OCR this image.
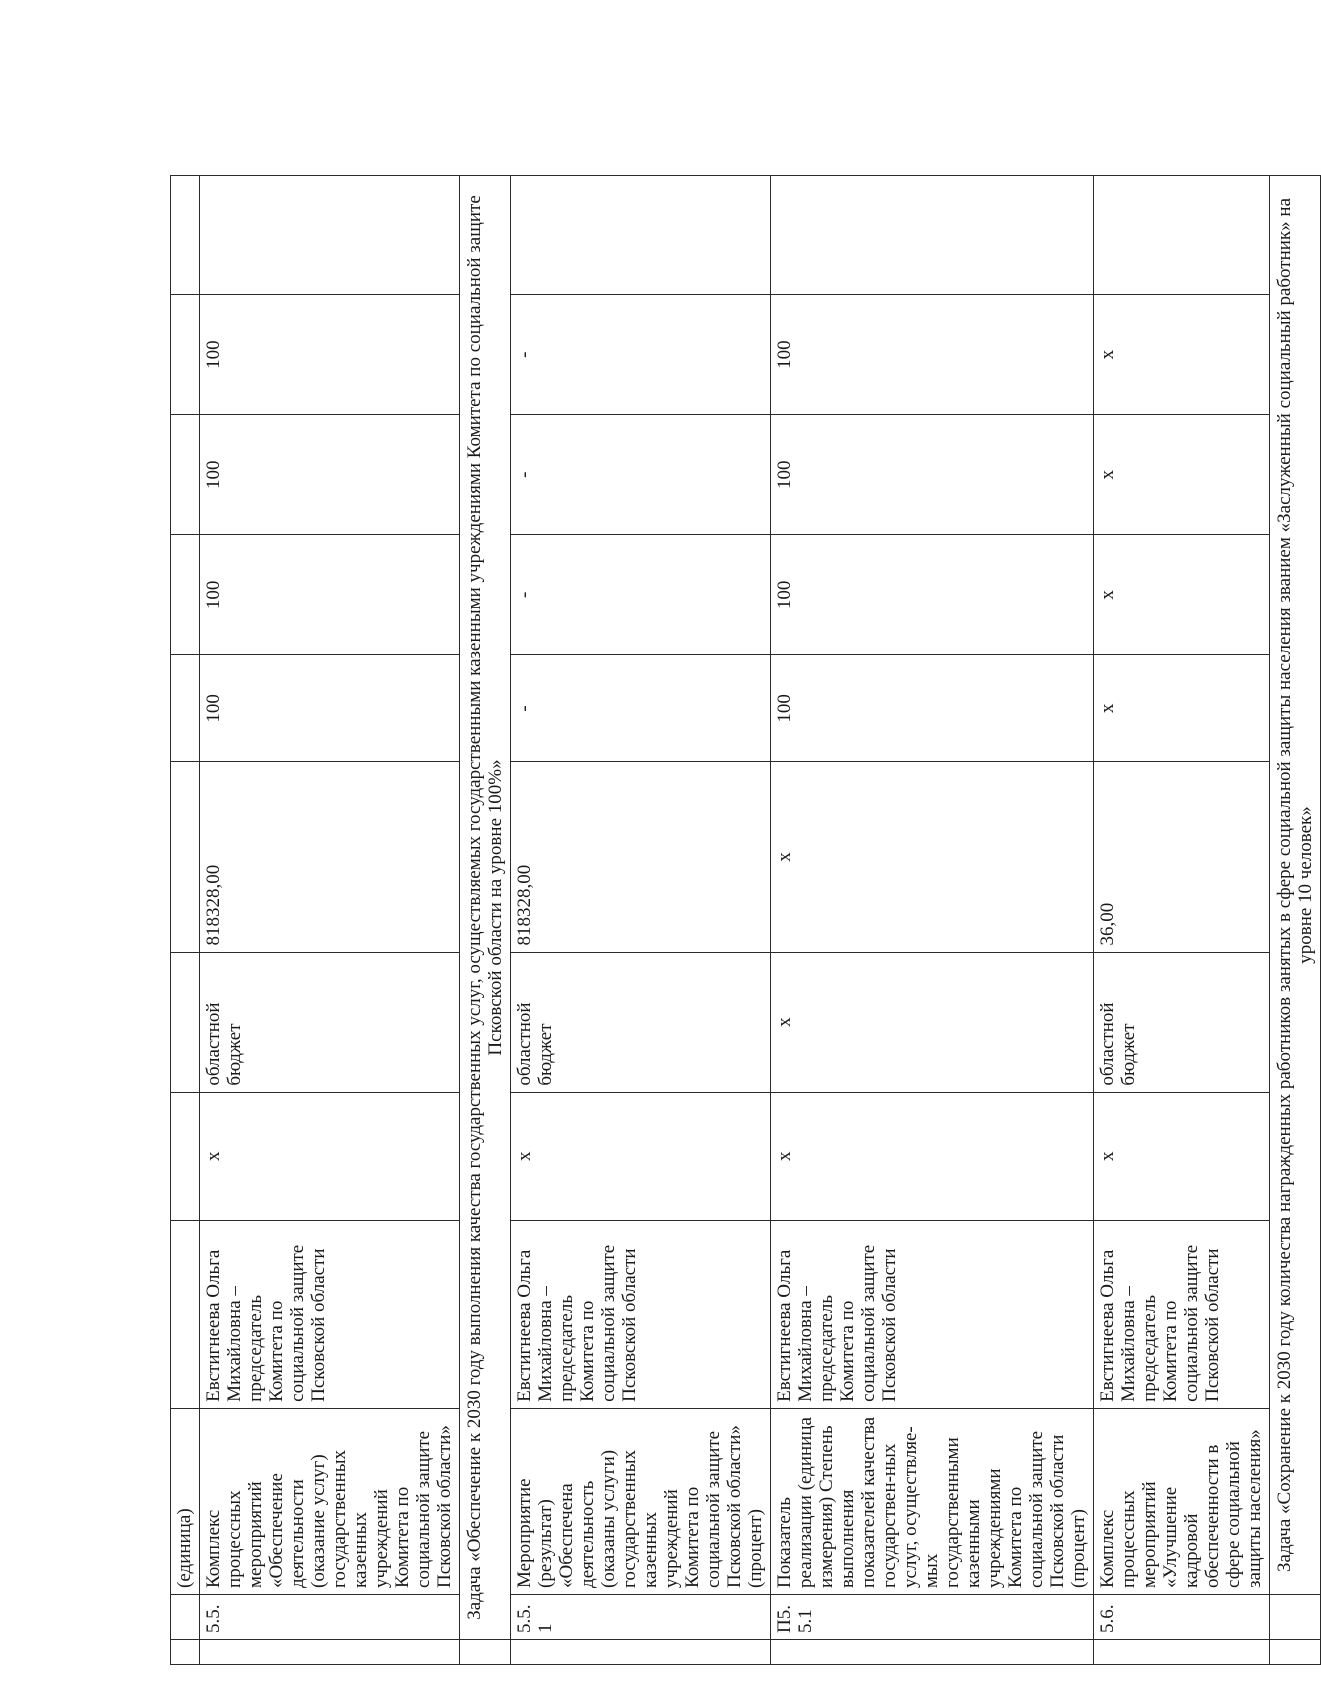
		(единица)									
	5.5.	Комплекс процессных мероприятий «Обеспечение деятельности (оказание услуг) государственных казенных учреждений Комитета по социальной защите Псковской области»	Евстигнеева Ольга Михайловна – председатель Комитета по социальной защите Псковской области	х	областной бюджет	818328,00	100	100	100	100	
	Задача «Обеспечение к 2030 году выполнения качества государственных услуг, осуществляемых государственными казенными учреждениями Комитета по социальной защите Псковской области на уровне 100%»										
	5.5.1	Мероприятие (результат) «Обеспечена деятельность (оказаны услуги) государственных казенных учреждений Комитета по социальной защите Псковской области» (процент)	Евстигнеева Ольга Михайловна – председатель Комитета по социальной защите Псковской области	х	областной бюджет	818328,00	-	-	-	-	
	П5.5.1	Показатель реализации (единица измерения) Степень выполнения показателей качества государствен-ных услуг, осуществляе-мых государственными казенными учреждениями Комитета по социальной защите Псковской области (процент)	Евстигнеева Ольга Михайловна – председатель Комитета по социальной защите Псковской области	х	х	х	100	100	100	100	
	5.6.	Комплекс процессных мероприятий «Улучшение кадровой обеспеченности в сфере социальной защиты населения»	Евстигнеева Ольга Михайловна – председатель Комитета по социальной защите Псковской области	х	областной бюджет	36,00	х	х	х	х	
		Задача «Сохранение к 2030 году количества награжденных работников занятых в сфере социальной защиты населения званием «Заслуженный социальный работник» на уровне 10 человек»									
